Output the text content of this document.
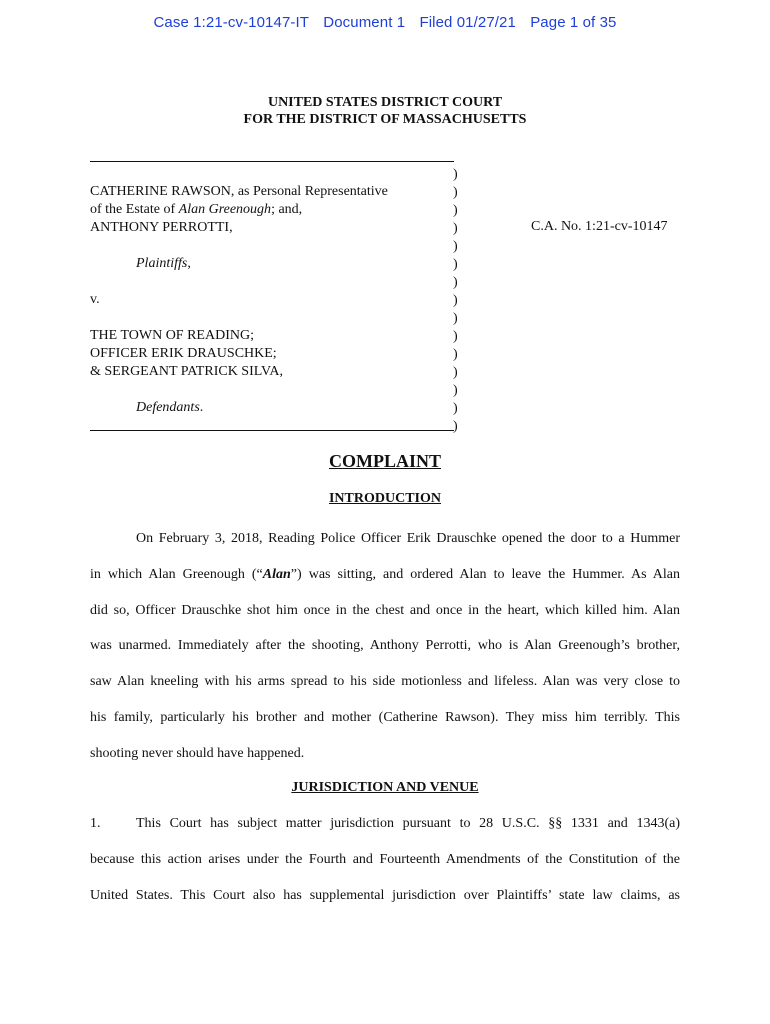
Case 1:21-cv-10147-IT Document 1 Filed 01/27/21 Page 1 of 35
UNITED STATES DISTRICT COURT
FOR THE DISTRICT OF MASSACHUSETTS
CATHERINE RAWSON, as Personal Representative
of the Estate of Alan Greenough; and,
ANTHONY PERROTTI,
Plaintiffs,
v.
THE TOWN OF READING;
OFFICER ERIK DRAUSCHKE;
& SERGEANT PATRICK SILVA,
Defendants.
)
)
)
)
)
)
)
)
)
)
)
)
)
)
)
C.A. No. 1:21-cv-10147
COMPLAINT
INTRODUCTION
On February 3, 2018, Reading Police Officer Erik Drauschke opened the door to a Hummer
in which Alan Greenough (“Alan”) was sitting, and ordered Alan to leave the Hummer. As Alan
did so, Officer Drauschke shot him once in the chest and once in the heart, which killed him. Alan
was unarmed. Immediately after the shooting, Anthony Perrotti, who is Alan Greenough’s brother,
saw Alan kneeling with his arms spread to his side motionless and lifeless. Alan was very close to
his family, particularly his brother and mother (Catherine Rawson). They miss him terribly. This
shooting never should have happened.
JURISDICTION AND VENUE
1.	This Court has subject matter jurisdiction pursuant to 28 U.S.C. §§ 1331 and 1343(a)
because this action arises under the Fourth and Fourteenth Amendments of the Constitution of the
United States. This Court also has supplemental jurisdiction over Plaintiffs’ state law claims, as
